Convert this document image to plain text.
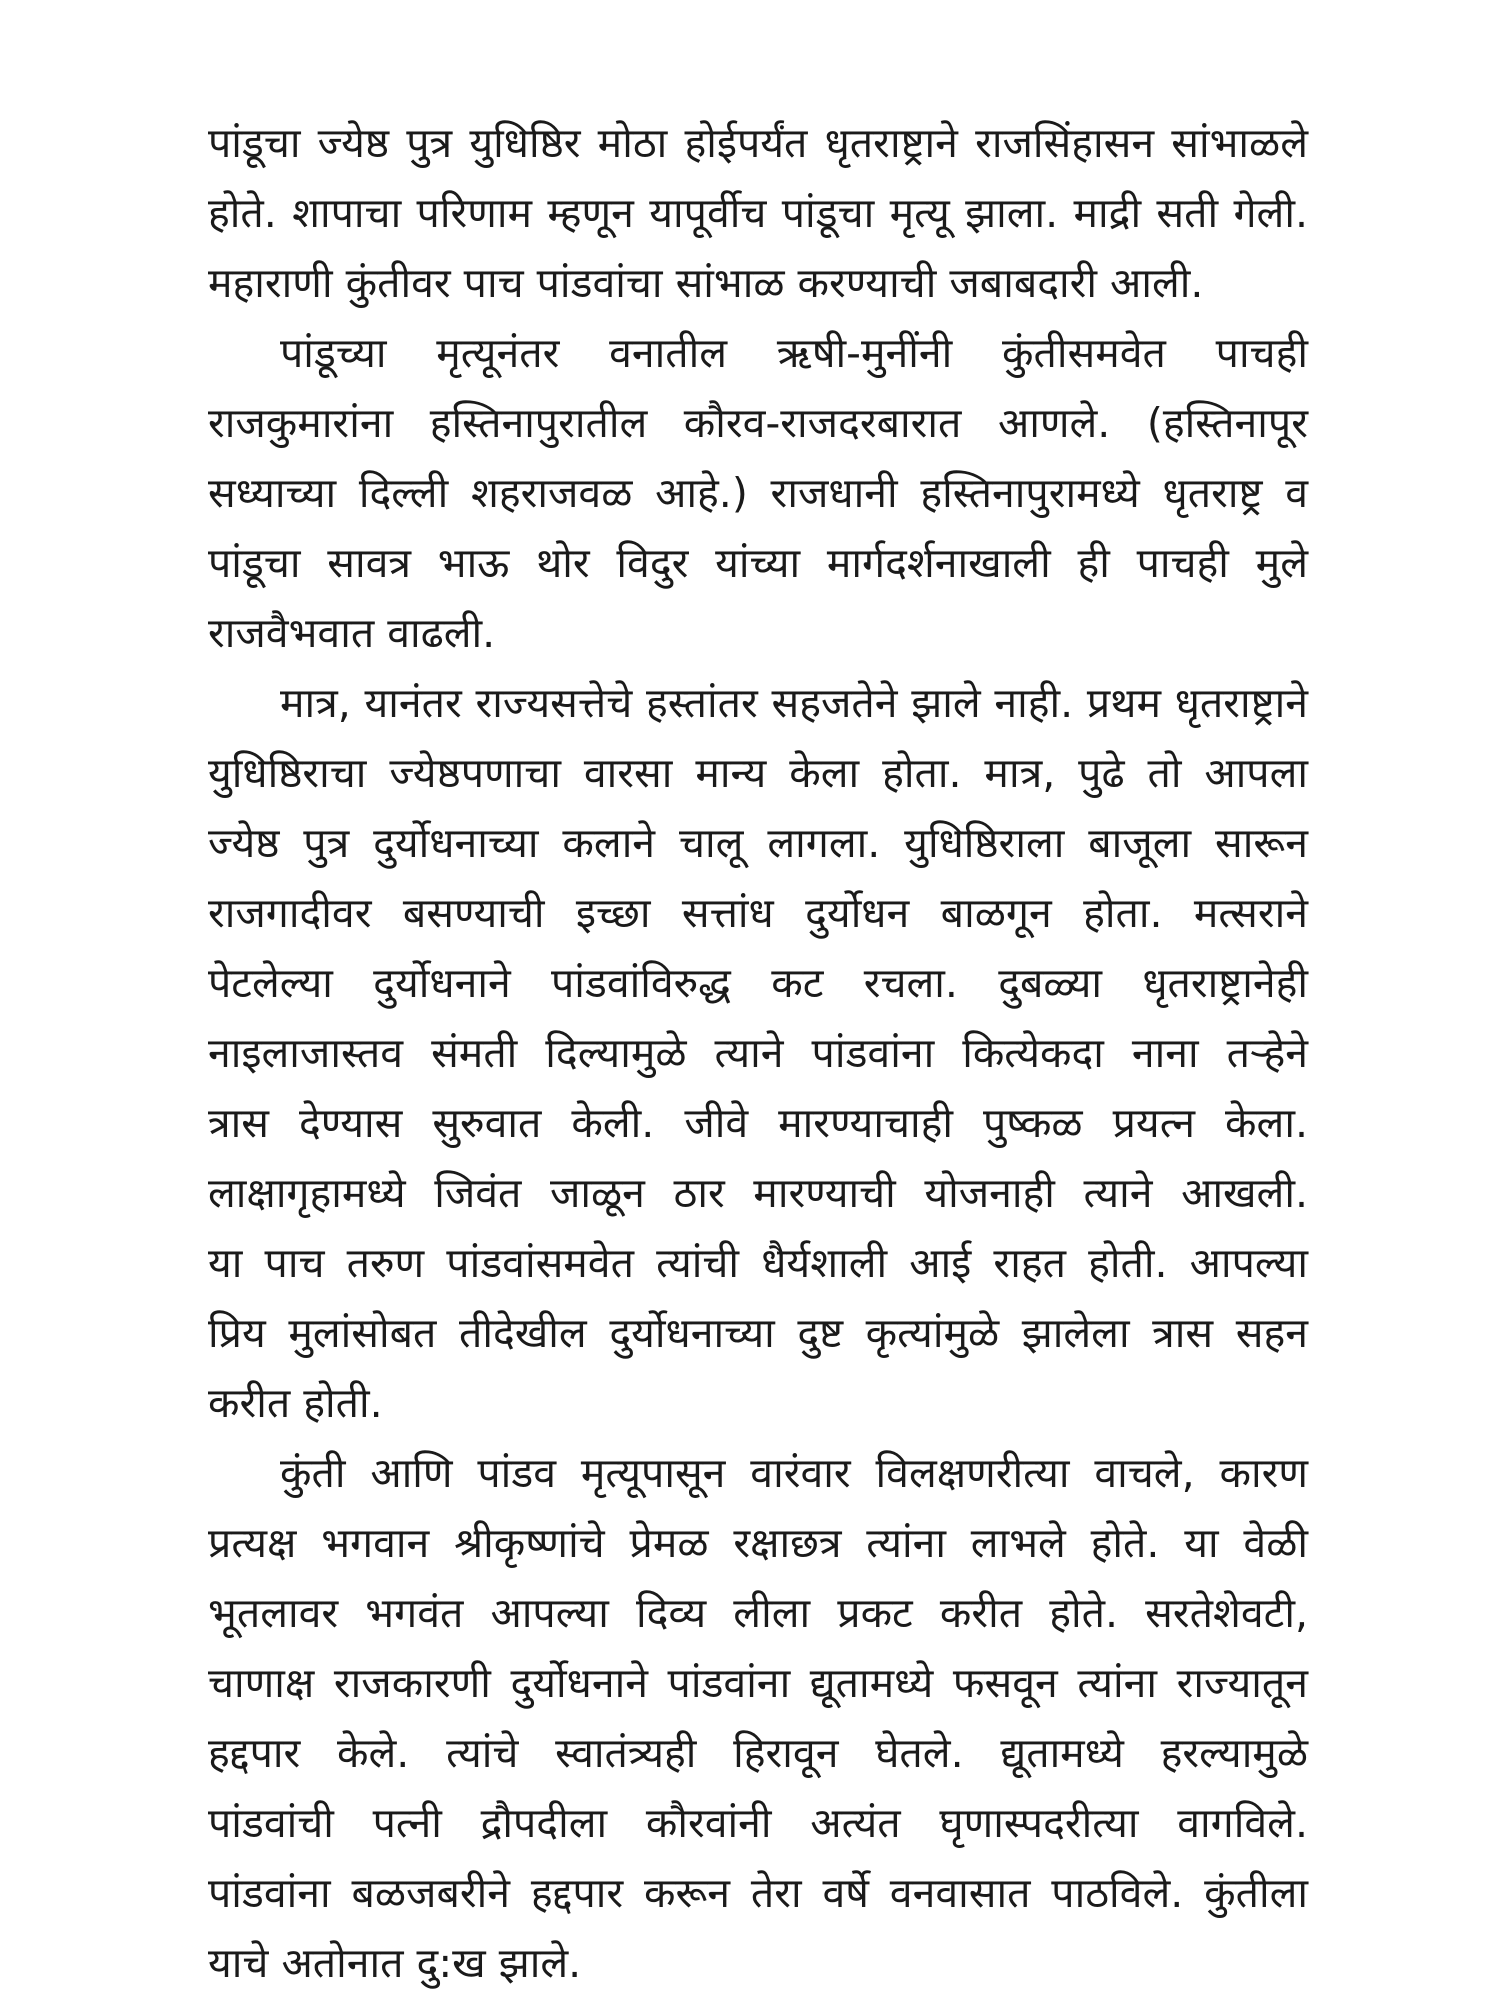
पांडूचा ज्येष्ठ पुत्र युधिष्ठिर मोठा होईपर्यंत धृतराष्ट्राने राजसिंहासन सांभाळले
होते. शापाचा परिणाम म्हणून यापूर्वीच पांडूचा मृत्यू झाला. माद्री सती गेली.
महाराणी कुंतीवर पाच पांडवांचा सांभाळ करण्याची जबाबदारी आली.
पांडूच्या मृत्यूनंतर वनातील ऋषी-मुनींनी कुंतीसमवेत पाचही
राजकुमारांना हस्तिनापुरातील कौरव-राजदरबारात आणले. (हस्तिनापूर
सध्याच्या दिल्ली शहराजवळ आहे.) राजधानी हस्तिनापुरामध्ये धृतराष्ट्र व
पांडूचा सावत्र भाऊ थोर विदुर यांच्या मार्गदर्शनाखाली ही पाचही मुले
राजवैभवात वाढली.
मात्र, यानंतर राज्यसत्तेचे हस्तांतर सहजतेने झाले नाही. प्रथम धृतराष्ट्राने
युधिष्ठिराचा ज्येष्ठपणाचा वारसा मान्य केला होता. मात्र, पुढे तो आपला
ज्येष्ठ पुत्र दुर्योधनाच्या कलाने चालू लागला. युधिष्ठिराला बाजूला सारून
राजगादीवर बसण्याची इच्छा सत्तांध दुर्योधन बाळगून होता. मत्सराने
पेटलेल्या दुर्योधनाने पांडवांविरुद्ध कट रचला. दुबळ्या धृतराष्ट्रानेही
नाइलाजास्तव संमती दिल्यामुळे त्याने पांडवांना कित्येकदा नाना तऱ्हेने
त्रास देण्यास सुरुवात केली. जीवे मारण्याचाही पुष्कळ प्रयत्न केला.
लाक्षागृहामध्ये जिवंत जाळून ठार मारण्याची योजनाही त्याने आखली.
या पाच तरुण पांडवांसमवेत त्यांची धैर्यशाली आई राहत होती. आपल्या
प्रिय मुलांसोबत तीदेखील दुर्योधनाच्या दुष्ट कृत्यांमुळे झालेला त्रास सहन
करीत होती.
कुंती आणि पांडव मृत्यूपासून वारंवार विलक्षणरीत्या वाचले, कारण
प्रत्यक्ष भगवान श्रीकृष्णांचे प्रेमळ रक्षाछत्र त्यांना लाभले होते. या वेळी
भूतलावर भगवंत आपल्या दिव्य लीला प्रकट करीत होते. सरतेशेवटी,
चाणाक्ष राजकारणी दुर्योधनाने पांडवांना द्यूतामध्ये फसवून त्यांना राज्यातून
हद्दपार केले. त्यांचे स्वातंत्र्यही हिरावून घेतले. द्यूतामध्ये हरल्यामुळे
पांडवांची पत्नी द्रौपदीला कौरवांनी अत्यंत घृणास्पदरीत्या वागविले.
पांडवांना बळजबरीने हद्दपार करून तेरा वर्षे वनवासात पाठविले. कुंतीला
याचे अतोनात दु:ख झाले.
